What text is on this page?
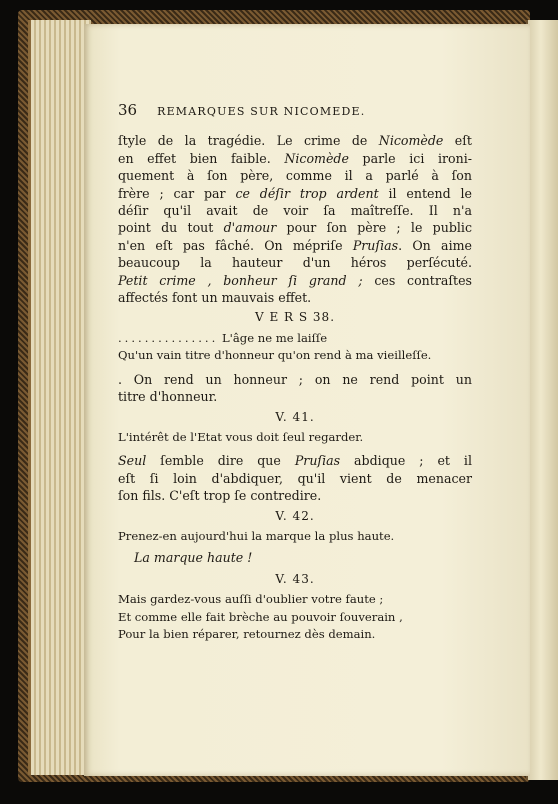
36 REMARQUES SUR NICOMEDE.
ſtyle de la tragédie. Le crime de Nicomède eſt
en effet bien faible. Nicomède parle ici ironi-
quement à ſon père, comme il a parlé à ſon
frère ; car par ce déſir trop ardent il entend le
déſir qu'il avait de voir ſa maîtreſſe. Il n'a
point du tout d'amour pour ſon père ; le public
n'en eſt pas fâché. On mépriſe Pruſias. On aime
beaucoup la hauteur d'un héros perſécuté.
Petit crime , bonheur ſi grand ; ces contraſtes
affectés font un mauvais effet.
V E R S 38.
............... L'âge ne me laiſſe
Qu'un vain titre d'honneur qu'on rend à ma vieilleſſe.
. On rend un honneur ; on ne rend point un
titre d'honneur.
V. 41.
L'intérêt de l'Etat vous doit ſeul regarder.
Seul ſemble dire que Pruſias abdique ; et il
eſt ſi loin d'abdiquer, qu'il vient de menacer
ſon fils. C'eſt trop ſe contredire.
V. 42.
Prenez-en aujourd'hui la marque la plus haute.
La marque haute !
V. 43.
Mais gardez-vous auſſi d'oublier votre faute ;
Et comme elle fait brèche au pouvoir ſouverain ,
Pour la bien réparer, retournez dès demain.
